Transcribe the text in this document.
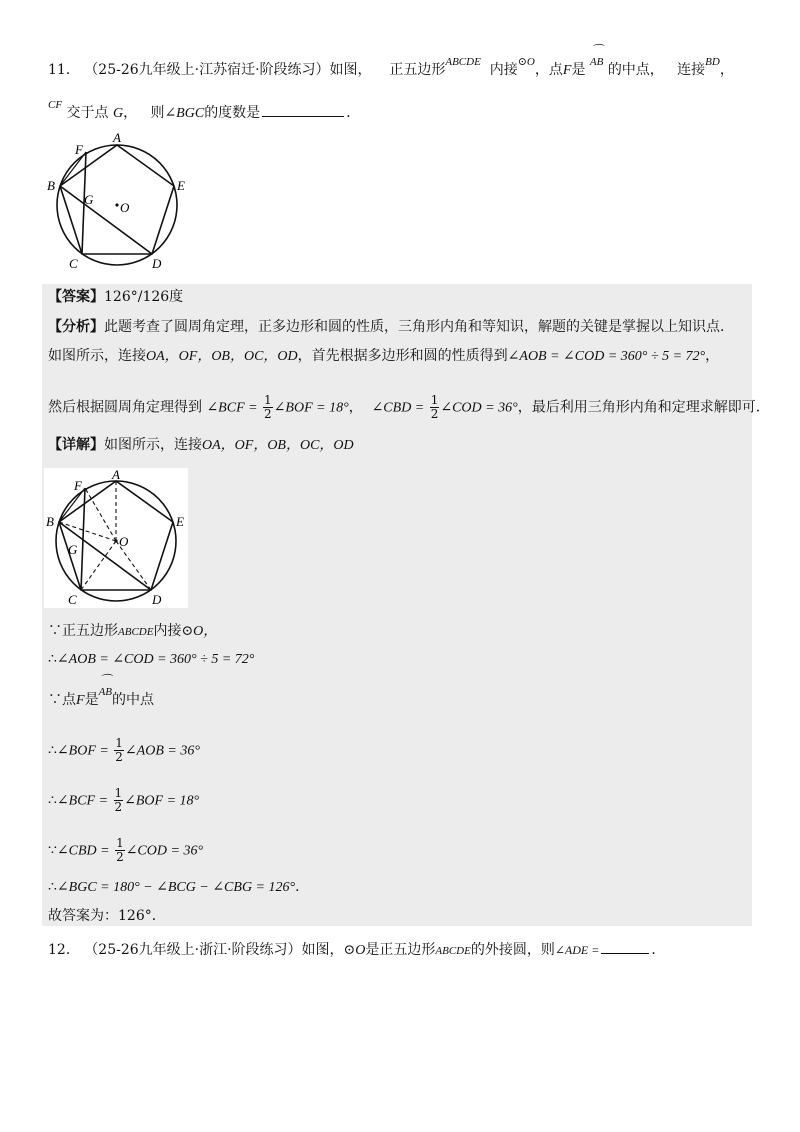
11． （25-26九年级上·江苏宿迁·阶段练习）如图， 正五边形$^{ABCDE}$ 内接$^{⊙O}$，点F是
⌒
AB 的中点， 连接$^{BD}$，
$^{CF}$ 交于点 G， 则∠BGC的度数是	．
A
B
C	D
E
F
G
O
【答案】126°/126度
【分析】此题考查了圆周角定理，正多边形和圆的性质，三角形内角和等知识，解题的关键是掌握以上知识点．
如图所示，连接OA，OF，OB，OC，OD，首先根据多边形和圆的性质得到∠AOB = ∠COD = 360° ÷ 5 = 72°，
然后根据圆周角定理得到 ∠BCF = $\frac{1}{2}$ ∠BOF = 18°， ∠CBD = $\frac{1}{2}$ ∠COD = 36°，最后利用三角形内角和定理求解即可．
【详解】如图所示，连接OA，OF，OB，OC，OD
A
B
C	D
E
F
G
O
∵正五边形ABCDE内接⊙O，
∴∠AOB = ∠COD = 360° ÷ 5 = 72°
∵点F是
⌒
AB的中点
∴∠BOF = $\frac{1}{2}$ ∠AOB = 36°
∴∠BCF = $\frac{1}{2}$ ∠BOF = 18°
∵∠CBD = $\frac{1}{2}$ ∠COD = 36°
∴∠BGC = 180° − ∠BCG − ∠CBG = 126°．
故答案为：126°．
12． （25-26九年级上·浙江·阶段练习）如图，⊙O是正五边形ABCDE的外接圆，则∠ADE =	．
